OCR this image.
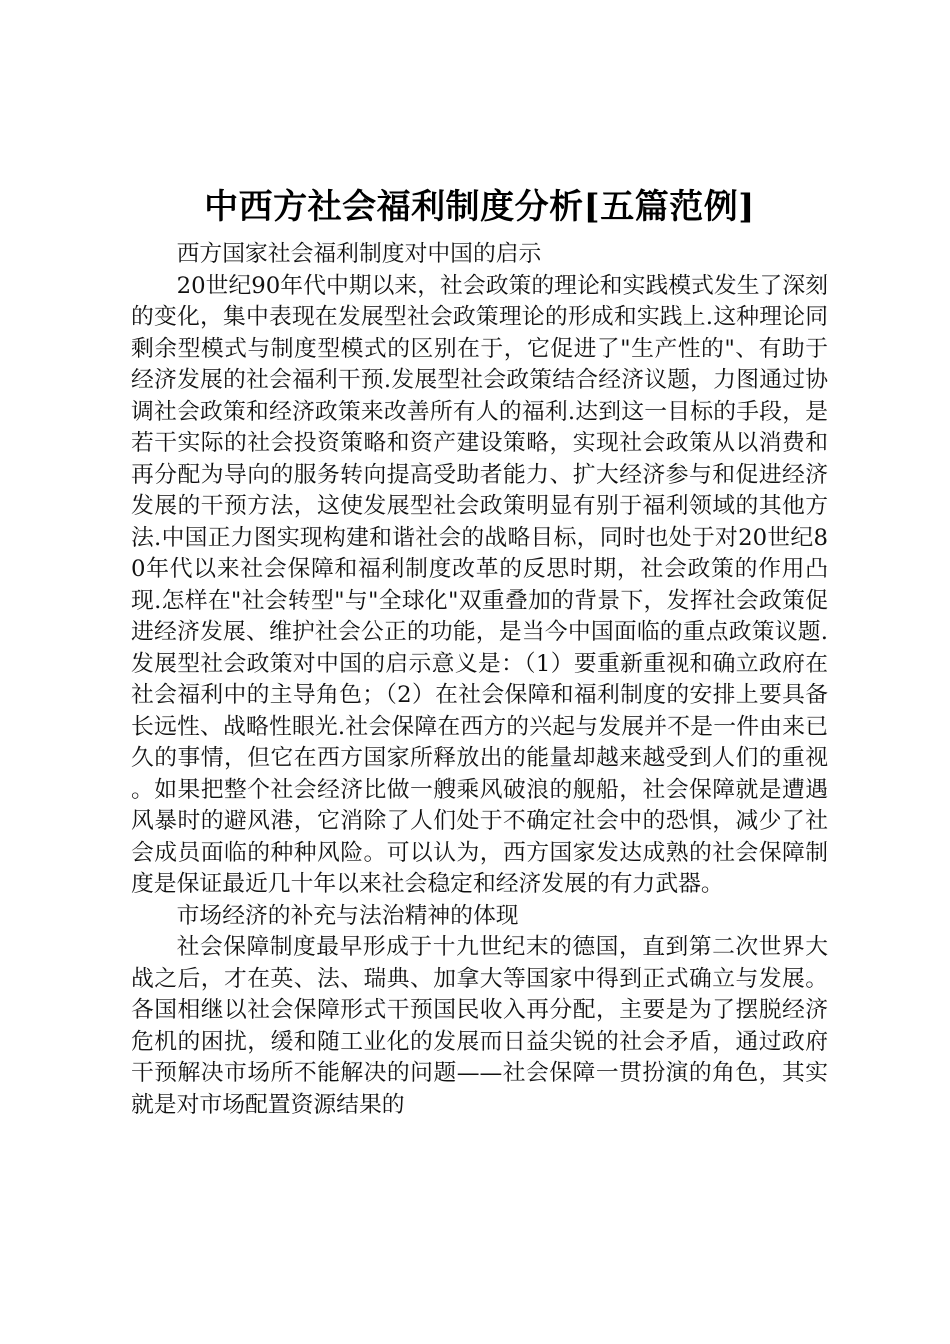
中西方社会福利制度分析[五篇范例]

西方国家社会福利制度对中国的启示

20世纪90年代中期以来，社会政策的理论和实践模式发生了深刻的变化，集中表现在发展型社会政策理论的形成和实践上.这种理论同剩余型模式与制度型模式的区别在于，它促进了"生产性的"、有助于经济发展的社会福利干预.发展型社会政策结合经济议题，力图通过协调社会政策和经济政策来改善所有人的福利.达到这一目标的手段，是若干实际的社会投资策略和资产建设策略，实现社会政策从以消费和再分配为导向的服务转向提高受助者能力、扩大经济参与和促进经济发展的干预方法，这使发展型社会政策明显有别于福利领域的其他方法.中国正力图实现构建和谐社会的战略目标，同时也处于对20世纪80年代以来社会保障和福利制度改革的反思时期，社会政策的作用凸现.怎样在"社会转型"与"全球化"双重叠加的背景下，发挥社会政策促进经济发展、维护社会公正的功能，是当今中国面临的重点政策议题.发展型社会政策对中国的启示意义是：（1）要重新重视和确立政府在社会福利中的主导角色；（2）在社会保障和福利制度的安排上要具备长远性、战略性眼光.社会保障在西方的兴起与发展并不是一件由来已久的事情，但它在西方国家所释放出的能量却越来越受到人们的重视。如果把整个社会经济比做一艘乘风破浪的舰船，社会保障就是遭遇风暴时的避风港，它消除了人们处于不确定社会中的恐惧，减少了社会成员面临的种种风险。可以认为，西方国家发达成熟的社会保障制度是保证最近几十年以来社会稳定和经济发展的有力武器。

市场经济的补充与法治精神的体现

社会保障制度最早形成于十九世纪末的德国，直到第二次世界大战之后，才在英、法、瑞典、加拿大等国家中得到正式确立与发展。各国相继以社会保障形式干预国民收入再分配，主要是为了摆脱经济危机的困扰，缓和随工业化的发展而日益尖锐的社会矛盾，通过政府干预解决市场所不能解决的问题——社会保障一贯扮演的角色，其实就是对市场配置资源结果的
